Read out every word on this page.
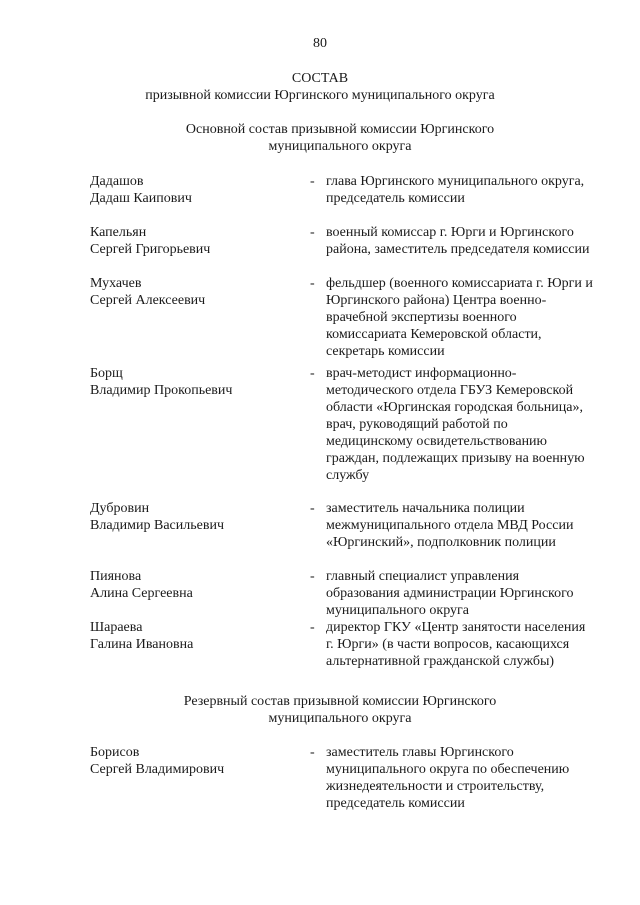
80
СОСТАВ
призывной комиссии Юргинского муниципального округа
Основной состав призывной комиссии Юргинского
муниципального округа
Дадашов
Дадаш Каипович
- глава Юргинского муниципального округа, председатель комиссии
Капельян
Сергей Григорьевич
- военный комиссар г. Юрги и Юргинского района, заместитель председателя комиссии
Мухачев
Сергей Алексеевич
- фельдшер (военного комиссариата г. Юрги и Юргинского района) Центра военно-врачебной экспертизы военного комиссариата Кемеровской области, секретарь комиссии
Борщ
Владимир Прокопьевич
- врач-методист информационно-методического отдела ГБУЗ Кемеровской области «Юргинская городская больница», врач, руководящий работой по медицинскому освидетельствованию граждан, подлежащих призыву на военную службу
Дубровин
Владимир Васильевич
- заместитель начальника полиции межмуниципального отдела МВД России «Юргинский», подполковник полиции
Пиянова
Алина Сергеевна
- главный специалист управления образования администрации Юргинского муниципального округа
Шараева
Галина Ивановна
- директор ГКУ «Центр занятости населения г. Юрги» (в части вопросов, касающихся альтернативной гражданской службы)
Резервный состав призывной комиссии Юргинского
муниципального округа
Борисов
Сергей Владимирович
- заместитель главы Юргинского муниципального округа по обеспечению жизнедеятельности и строительству, председатель комиссии
